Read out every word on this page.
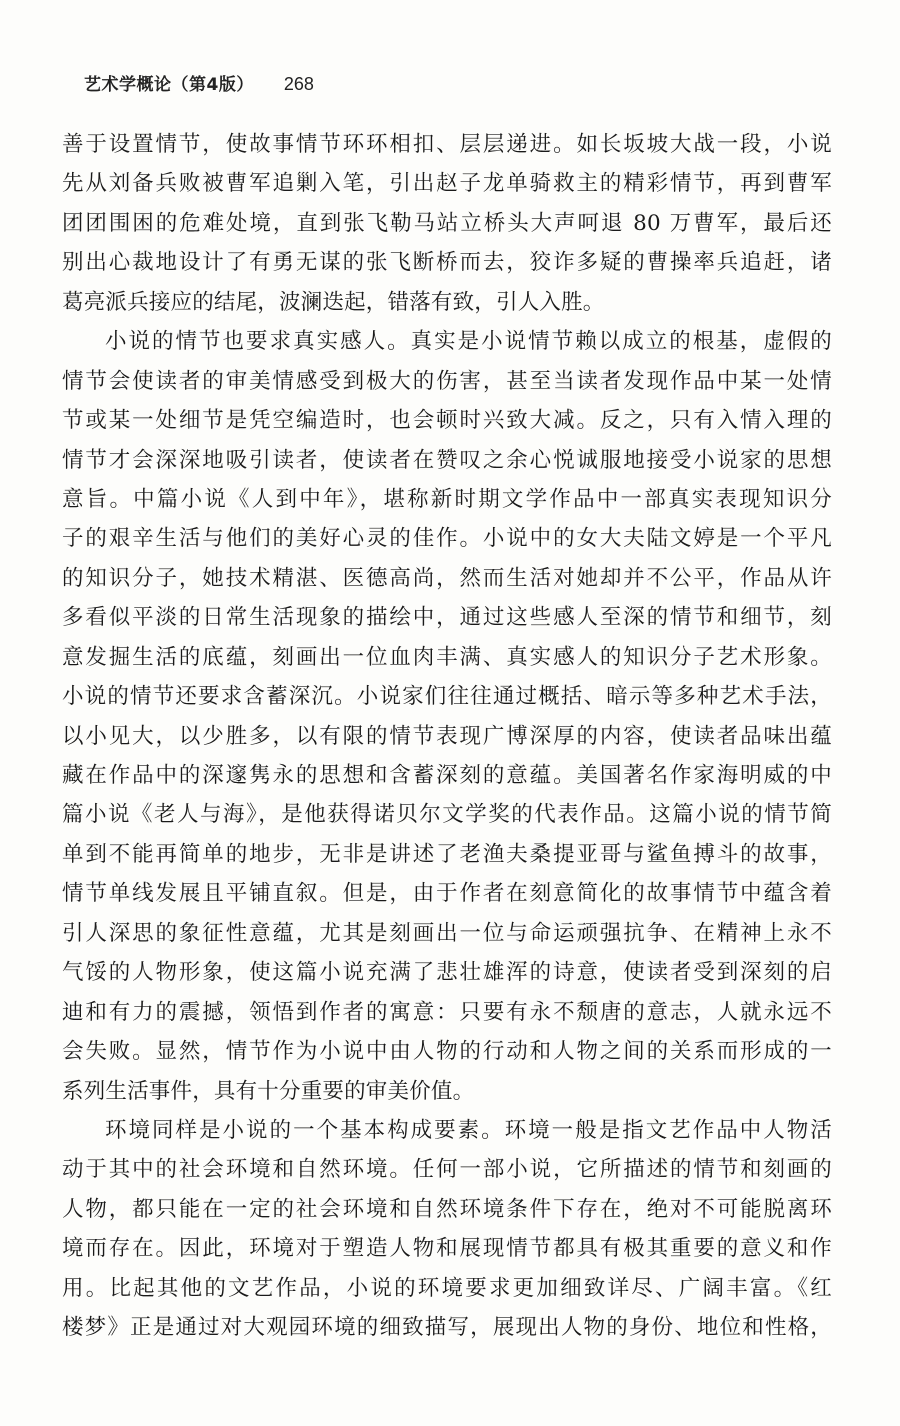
艺术学概论（第4版） 268
善于设置情节，使故事情节环环相扣、层层递进。如长坂坡大战一段，小说
先从刘备兵败被曹军追剿入笔，引出赵子龙单骑救主的精彩情节，再到曹军
团团围困的危难处境，直到张飞勒马站立桥头大声呵退 80 万曹军，最后还
别出心裁地设计了有勇无谋的张飞断桥而去，狡诈多疑的曹操率兵追赶，诸
葛亮派兵接应的结尾，波澜迭起，错落有致，引人入胜。
小说的情节也要求真实感人。真实是小说情节赖以成立的根基，虚假的
情节会使读者的审美情感受到极大的伤害，甚至当读者发现作品中某一处情
节或某一处细节是凭空编造时，也会顿时兴致大减。反之，只有入情入理的
情节才会深深地吸引读者，使读者在赞叹之余心悦诚服地接受小说家的思想
意旨。中篇小说《人到中年》，堪称新时期文学作品中一部真实表现知识分
子的艰辛生活与他们的美好心灵的佳作。小说中的女大夫陆文婷是一个平凡
的知识分子，她技术精湛、医德高尚，然而生活对她却并不公平，作品从许
多看似平淡的日常生活现象的描绘中，通过这些感人至深的情节和细节，刻
意发掘生活的底蕴，刻画出一位血肉丰满、真实感人的知识分子艺术形象。
小说的情节还要求含蓄深沉。小说家们往往通过概括、暗示等多种艺术手法，
以小见大，以少胜多，以有限的情节表现广博深厚的内容，使读者品味出蕴
藏在作品中的深邃隽永的思想和含蓄深刻的意蕴。美国著名作家海明威的中
篇小说《老人与海》，是他获得诺贝尔文学奖的代表作品。这篇小说的情节简
单到不能再简单的地步，无非是讲述了老渔夫桑提亚哥与鲨鱼搏斗的故事，
情节单线发展且平铺直叙。但是，由于作者在刻意简化的故事情节中蕴含着
引人深思的象征性意蕴，尤其是刻画出一位与命运顽强抗争、在精神上永不
气馁的人物形象，使这篇小说充满了悲壮雄浑的诗意，使读者受到深刻的启
迪和有力的震撼，领悟到作者的寓意：只要有永不颓唐的意志，人就永远不
会失败。显然，情节作为小说中由人物的行动和人物之间的关系而形成的一
系列生活事件，具有十分重要的审美价值。
环境同样是小说的一个基本构成要素。环境一般是指文艺作品中人物活
动于其中的社会环境和自然环境。任何一部小说，它所描述的情节和刻画的
人物，都只能在一定的社会环境和自然环境条件下存在，绝对不可能脱离环
境而存在。因此，环境对于塑造人物和展现情节都具有极其重要的意义和作
用。比起其他的文艺作品，小说的环境要求更加细致详尽、广阔丰富。《红
楼梦》正是通过对大观园环境的细致描写，展现出人物的身份、地位和性格，
